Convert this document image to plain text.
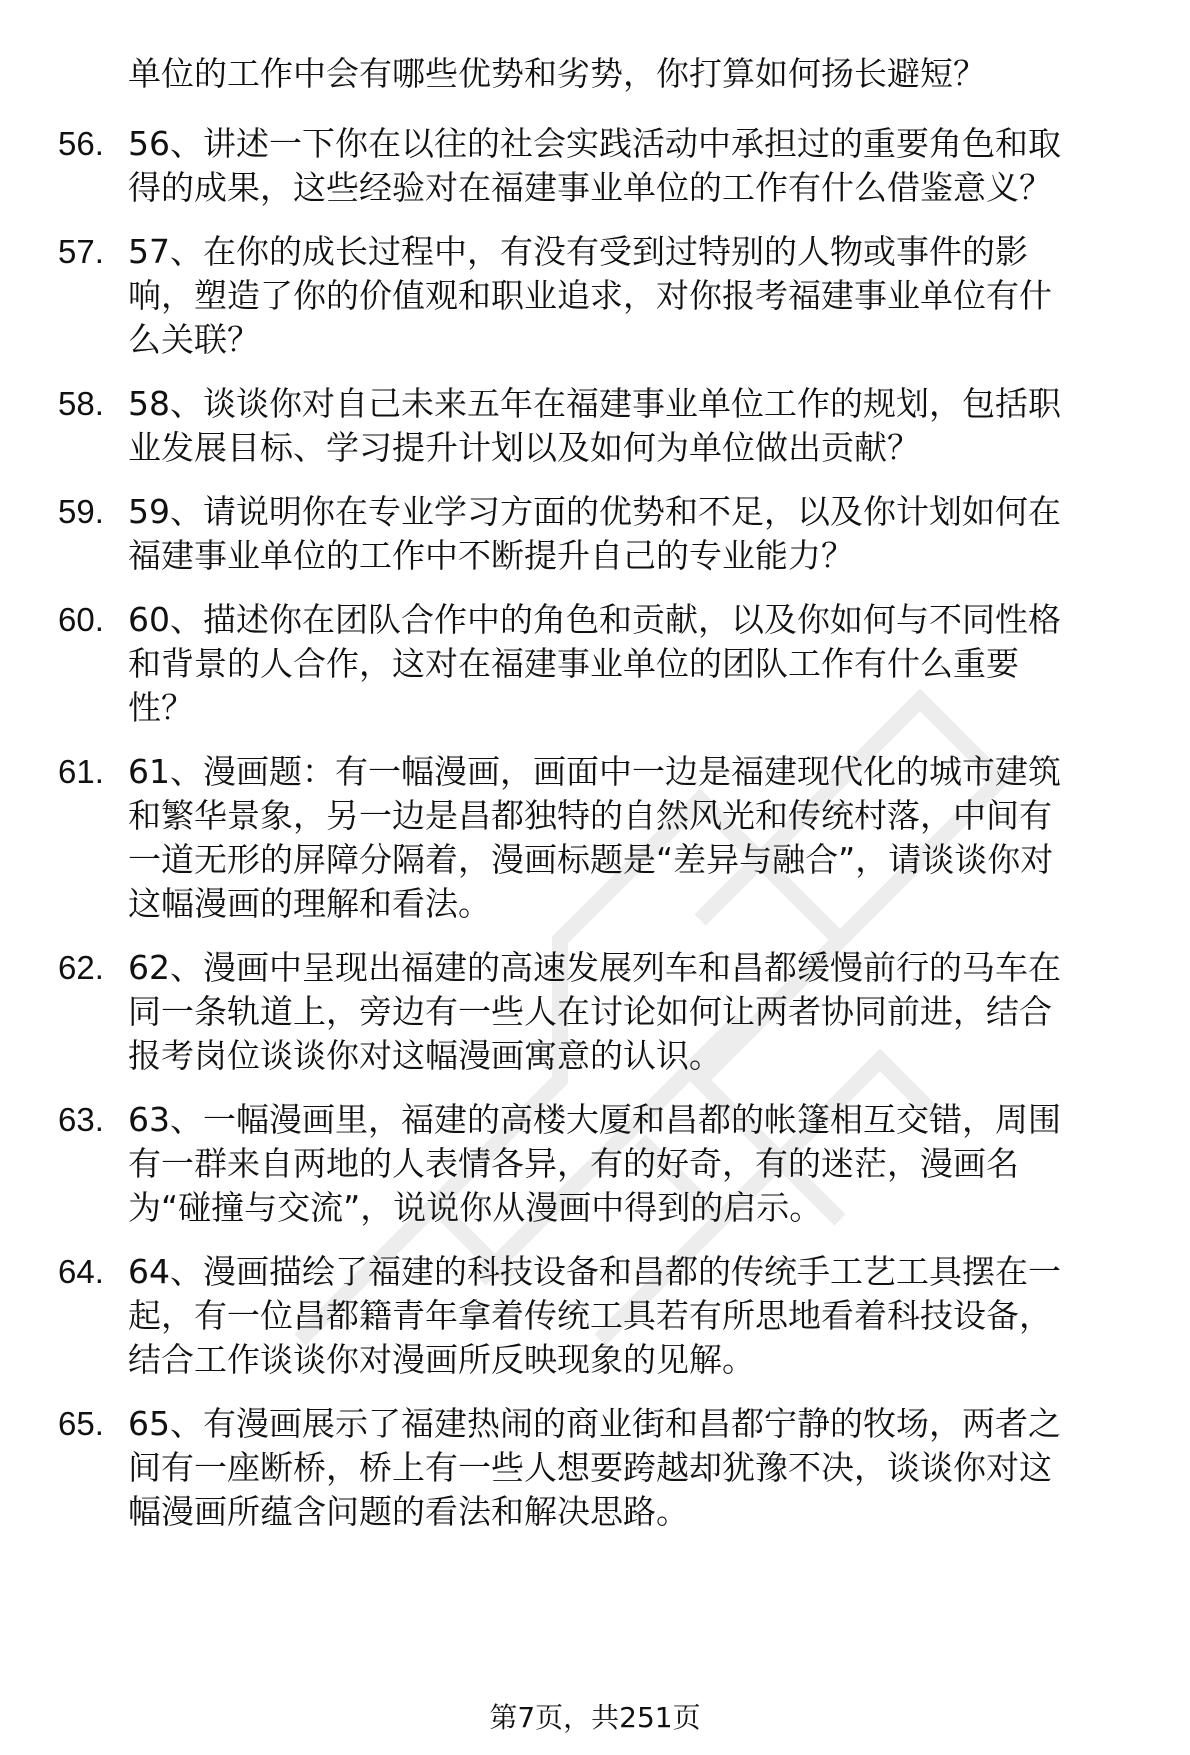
单位的工作中会有哪些优势和劣势，你打算如何扬长避短？
56. 56、讲述一下你在以往的社会实践活动中承担过的重要角色和取
得的成果，这些经验对在福建事业单位的工作有什么借鉴意义？
57. 57、在你的成长过程中，有没有受到过特别的人物或事件的影
响，塑造了你的价值观和职业追求，对你报考福建事业单位有什
么关联？
58. 58、谈谈你对自己未来五年在福建事业单位工作的规划，包括职
业发展目标、学习提升计划以及如何为单位做出贡献？
59. 59、请说明你在专业学习方面的优势和不足，以及你计划如何在
福建事业单位的工作中不断提升自己的专业能力？
60. 60、描述你在团队合作中的角色和贡献，以及你如何与不同性格
和背景的人合作，这对在福建事业单位的团队工作有什么重要
性？
61. 61、漫画题：有一幅漫画，画面中一边是福建现代化的城市建筑
和繁华景象，另一边是昌都独特的自然风光和传统村落，中间有
一道无形的屏障分隔着，漫画标题是“差异与融合”，请谈谈你对
这幅漫画的理解和看法。
62. 62、漫画中呈现出福建的高速发展列车和昌都缓慢前行的马车在
同一条轨道上，旁边有一些人在讨论如何让两者协同前进，结合
报考岗位谈谈你对这幅漫画寓意的认识。
63. 63、一幅漫画里，福建的高楼大厦和昌都的帐篷相互交错，周围
有一群来自两地的人表情各异，有的好奇，有的迷茫，漫画名
为“碰撞与交流”，说说你从漫画中得到的启示。
64. 64、漫画描绘了福建的科技设备和昌都的传统手工艺工具摆在一
起，有一位昌都籍青年拿着传统工具若有所思地看着科技设备，
结合工作谈谈你对漫画所反映现象的见解。
65. 65、有漫画展示了福建热闹的商业街和昌都宁静的牧场，两者之
间有一座断桥，桥上有一些人想要跨越却犹豫不决，谈谈你对这
幅漫画所蕴含问题的看法和解决思路。
第7页，共251页
